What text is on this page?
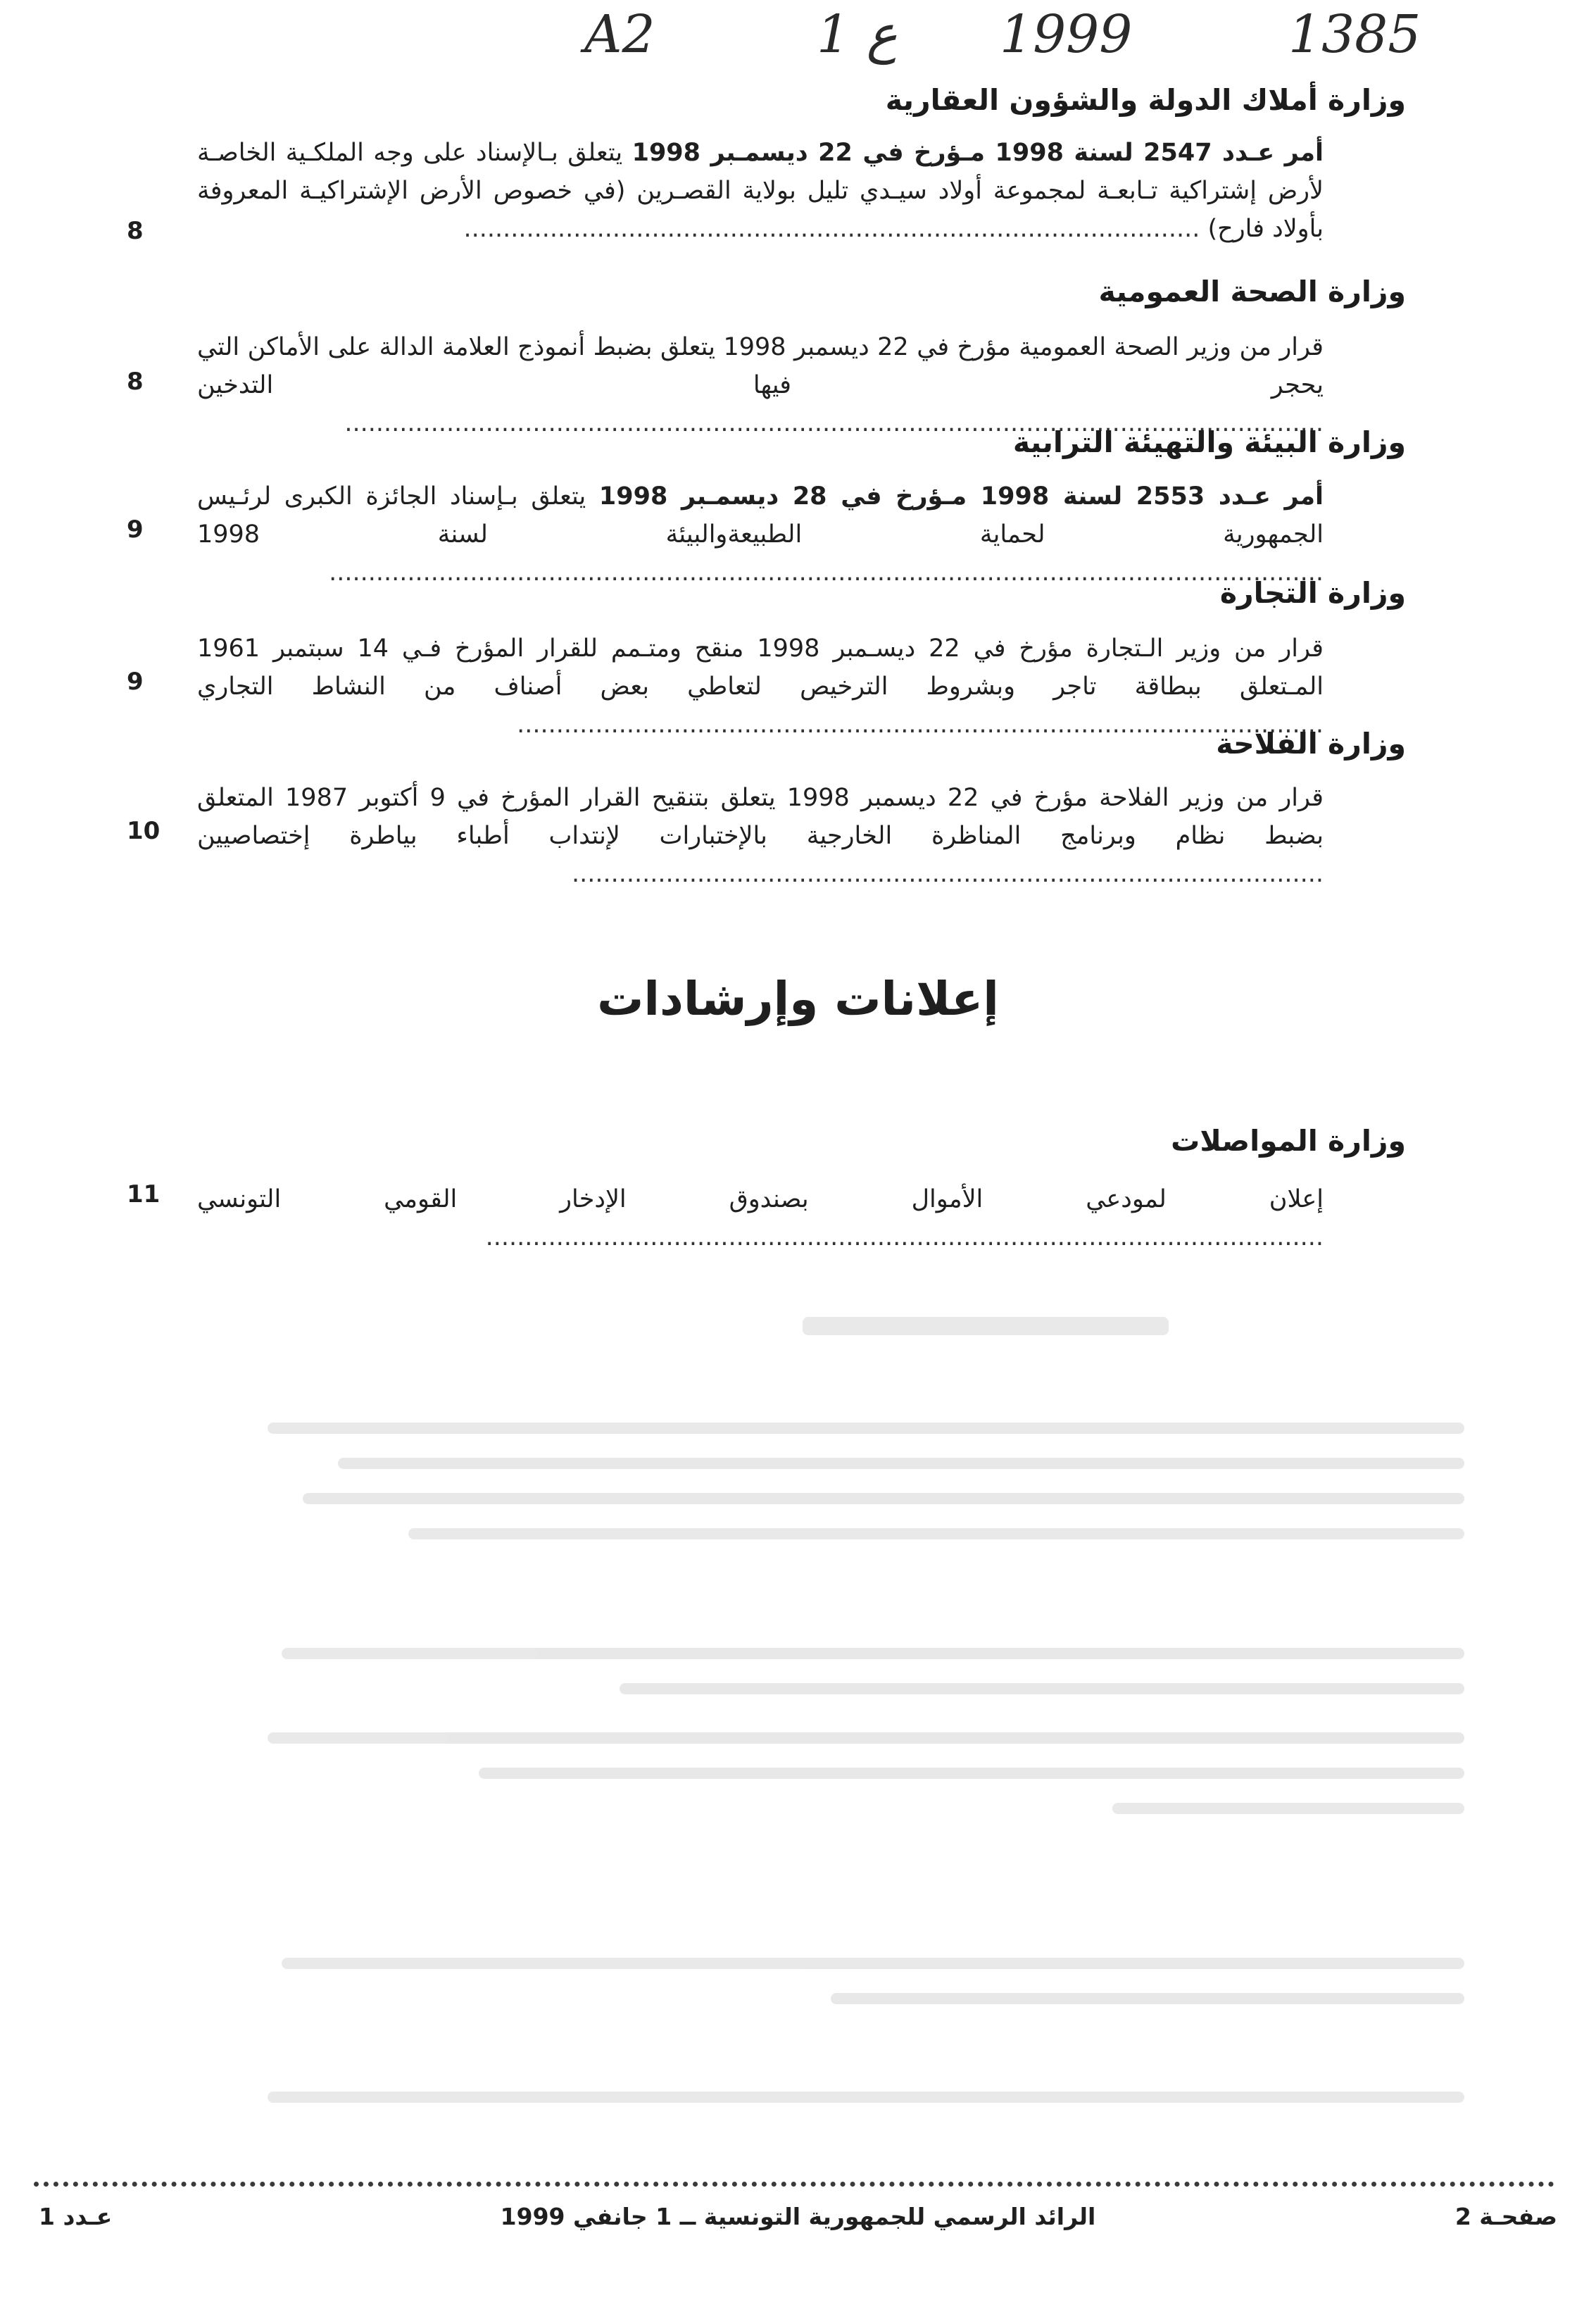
A2	1 ع 1999	1385
وزارة أملاك الدولة والشؤون العقارية
أمر عـدد 2547 لسنة 1998 مـؤرخ في 22 ديسمـبر 1998 يتعلق بـالإسناد على وجه الملكـية الخاصـة لأرض إشتراكية تـابعـة لمجموعة أولاد سيـدي تليل بولاية القصـرين (في خصوص الأرض الإشتراكيـة المعروفة بأولاد فارح) ..............................................................................................
8
وزارة الصحة العمومية
قرار من وزير الصحة العمومية مؤرخ في 22 ديسمبر 1998 يتعلق بضبط أنموذج العلامة الدالة على الأماكن التي يحجر فيها التدخين .............................................................................................................................
8
وزارة البيئة والتهيئة الترابية
أمر عـدد 2553 لسنة 1998 مـؤرخ في 28 ديسمـبر 1998 يتعلق بـإسناد الجائزة الكبرى لرئـيس الجمهورية لحماية الطبيعةوالبيئة لسنة 1998 ...............................................................................................................................
9
وزارة التجارة
قرار من وزير الـتجارة مؤرخ في 22 ديسـمبر 1998 منقح ومتـمم للقرار المؤرخ فـي 14 سبتمبر 1961 المـتعلق ببطاقة تاجر وبشروط الترخيص لتعاطي بعض أصناف من النشاط التجاري .......................................................................................................
9
وزارة الفلاحة
قرار من وزير الفلاحة مؤرخ في 22 ديسمبر 1998 يتعلق بتنقيح القرار المؤرخ في 9 أكتوبر 1987 المتعلق بضبط نظام وبرنامج المناظرة الخارجية بالإختبارات لإنتداب أطباء بياطرة إختصاصيين ................................................................................................
10
إعلانات وإرشادات
وزارة المواصلات
إعلان لمودعي الأموال بصندوق الإدخار القومي التونسي ...........................................................................................................
11
صفحـة 2
الرائد الرسمي للجمهورية التونسية ــ 1 جانفي 1999
عـدد 1
